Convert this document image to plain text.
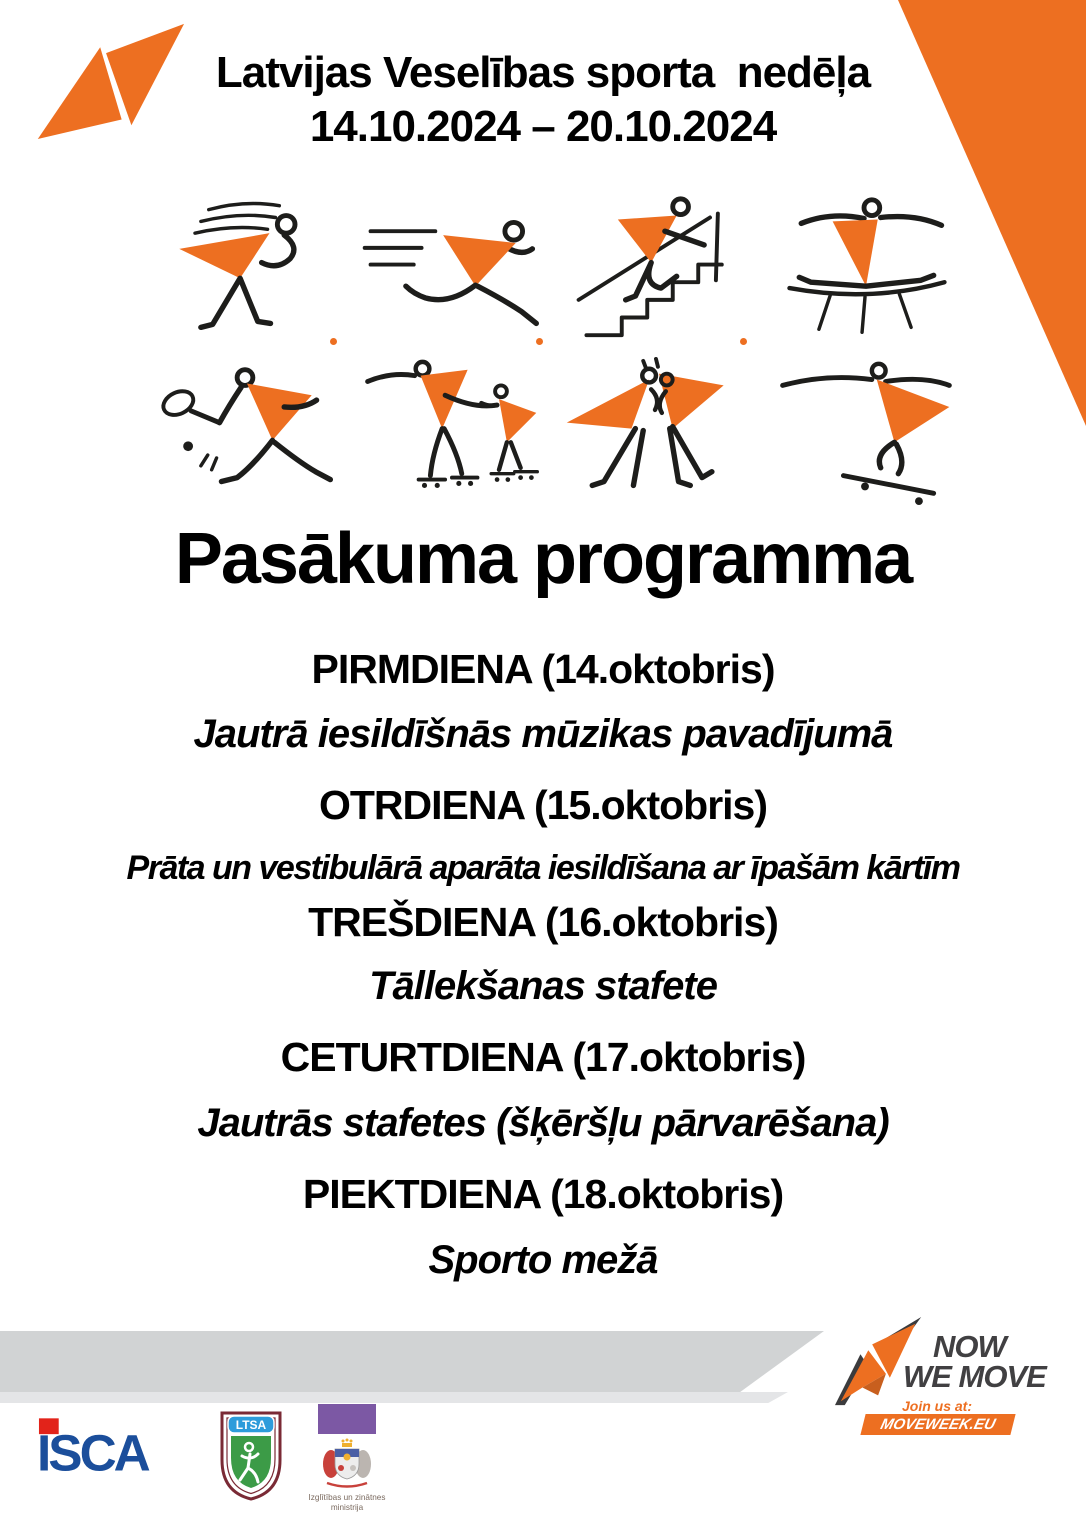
Latvijas Veselības sporta  nedēļa
14.10.2024 – 20.10.2024
Pasākuma programma
PIRMDIENA (14.oktobris)
Jautrā iesildīšnās mūzikas pavadījumā
OTRDIENA (15.oktobris)
Prāta un vestibulārā aparāta iesildīšana ar īpašām kārtīm
TREŠDIENA (16.oktobris)
Tāllekšanas stafete
CETURTDIENA (17.oktobris)
Jautrās stafetes (šķēršļu pārvarēšana)
PIEKTDIENA (18.oktobris)
Sporto mežā
ISCA	LTSA
Izglītības un zinātnes
ministrija
NOW
WE MOVE
Join us at:
MOVEWEEK.EU
